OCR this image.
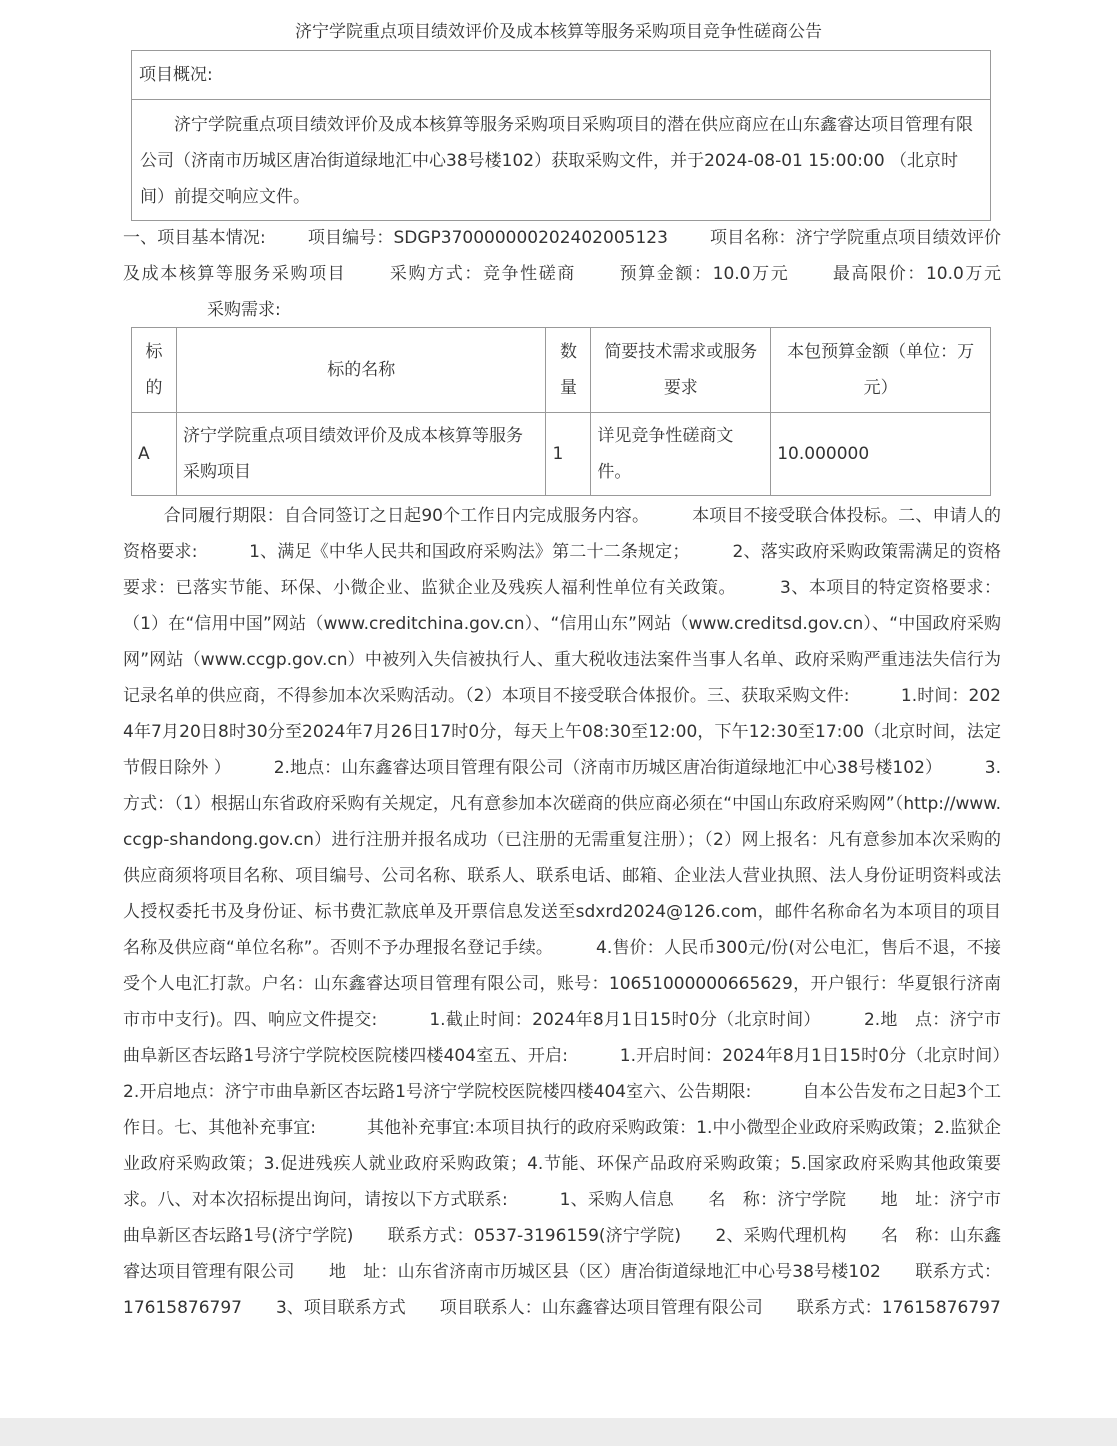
济宁学院重点项目绩效评价及成本核算等服务采购项目竞争性磋商公告
项目概况:
济宁学院重点项目绩效评价及成本核算等服务采购项目采购项目的潜在供应商应在山东鑫睿达项目管理有限公司（济南市历城区唐冶街道绿地汇中心38号楼102）获取采购文件，并于2024-08-01 15:00:00 （北京时间）前提交响应文件。
一、项目基本情况: 项目编号：SDGP370000000202402005123 项目名称：济宁学院重点项目绩效评价及成本核算等服务采购项目 采购方式：竞争性磋商 预算金额：10.0万元 最高限价：10.0万元采购需求:
标的	标的名称	数量	简要技术需求或服务要求	本包预算金额（单位：万元）
A	济宁学院重点项目绩效评价及成本核算等服务采购项目	1	详见竞争性磋商文件。	10.000000
合同履行期限：自合同签订之日起90个工作日内完成服务内容。　　　本项目不接受联合体投标。二、申请人的资格要求:　　　1、满足《中华人民共和国政府采购法》第二十二条规定；　　　2、落实政府采购政策需满足的资格要求：已落实节能、环保、小微企业、监狱企业及残疾人福利性单位有关政策。　　　3、本项目的特定资格要求：（1）在“信用中国”网站（www.creditchina.gov.cn）、“信用山东”网站（www.creditsd.gov.cn）、“中国政府采购网”网站（www.ccgp.gov.cn）中被列入失信被执行人、重大税收违法案件当事人名单、政府采购严重违法失信行为记录名单的供应商，不得参加本次采购活动。（2）本项目不接受联合体报价。三、获取采购文件:　　　1.时间：2024年7月20日8时30分至2024年7月26日17时0分，每天上午08:30至12:00，下午12:30至17:00（北京时间，法定节假日除外 ）　　　2.地点：山东鑫睿达项目管理有限公司（济南市历城区唐冶街道绿地汇中心38号楼102）　　　3.方式：（1）根据山东省政府采购有关规定，凡有意参加本次磋商的供应商必须在“中国山东政府采购网”（http://www.ccgp-shandong.gov.cn）进行注册并报名成功（已注册的无需重复注册）；（2）网上报名：凡有意参加本次采购的供应商须将项目名称、项目编号、公司名称、联系人、联系电话、邮箱、企业法人营业执照、法人身份证明资料或法人授权委托书及身份证、标书费汇款底单及开票信息发送至sdxrd2024@126.com，邮件名称命名为本项目的项目名称及供应商“单位名称”。否则不予办理报名登记手续。　　　4.售价：人民币300元/份(对公电汇，售后不退，不接受个人电汇打款。户名：山东鑫睿达项目管理有限公司，账号：10651000000665629，开户银行：华夏银行济南市市中支行)。四、响应文件提交:　　　1.截止时间：2024年8月1日15时0分（北京时间）　　　2.地　点：济宁市曲阜新区杏坛路1号济宁学院校医院楼四楼404室五、开启:　　　1.开启时间：2024年8月1日15时0分（北京时间）　　　2.开启地点：济宁市曲阜新区杏坛路1号济宁学院校医院楼四楼404室六、公告期限:　　　自本公告发布之日起3个工作日。七、其他补充事宜:　　　其他补充事宜:本项目执行的政府采购政策：1.中小微型企业政府采购政策；2.监狱企业政府采购政策；3.促进残疾人就业政府采购政策；4.节能、环保产品政府采购政策；5.国家政府采购其他政策要求。八、对本次招标提出询问，请按以下方式联系:　　　1、采购人信息　　名　称：济宁学院　　地　址：济宁市曲阜新区杏坛路1号(济宁学院)　　联系方式：0537-3196159(济宁学院)　　2、采购代理机构　　名　称：山东鑫睿达项目管理有限公司　　地　址：山东省济南市历城区县（区）唐冶街道绿地汇中心号38号楼102　　联系方式：17615876797　　3、项目联系方式　　项目联系人：山东鑫睿达项目管理有限公司　　联系方式：17615876797
